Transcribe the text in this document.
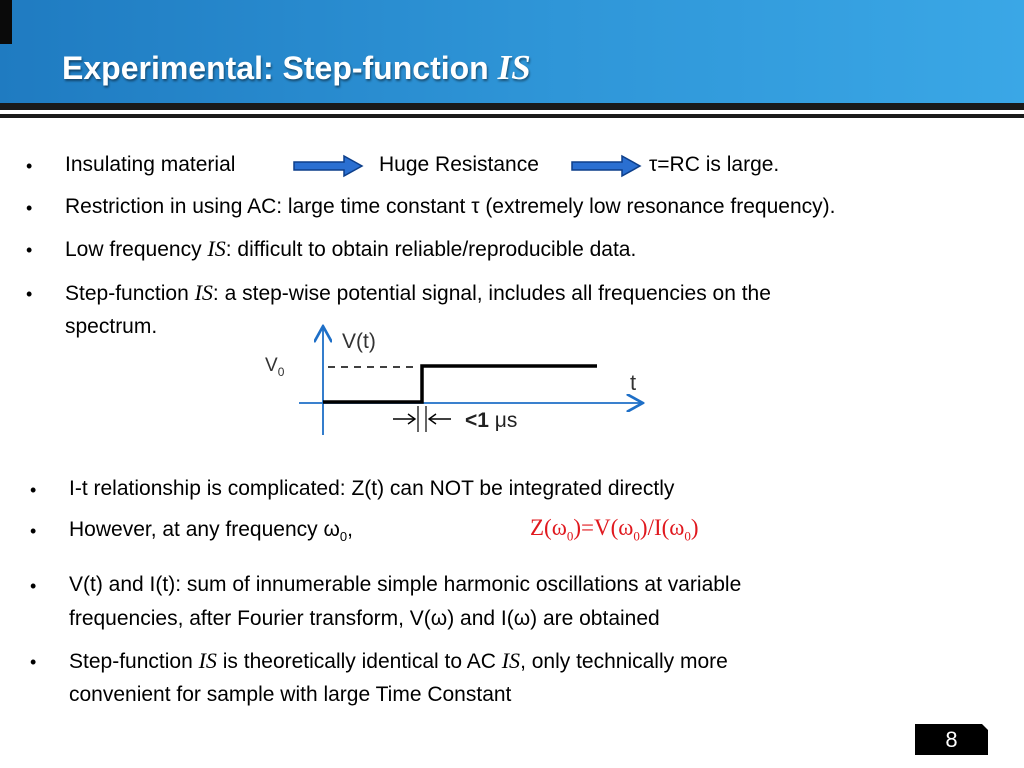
Experimental: Step-function IS
• Insulating material	Huge Resistance	τ=RC is large.
• Restriction in using AC: large time constant τ (extremely low resonance frequency).
• Low frequency IS: difficult to obtain reliable/reproducible data.
• Step-function IS: a step-wise potential signal, includes all frequencies on the
spectrum.
V(t)
$V_0$	t
<1 μs
• I-t relationship is complicated: Z(t) can NOT be integrated directly
• However, at any frequency $\omega_0$,	$Z(\omega_0)=V(\omega_0)/I(\omega_0)$
• V(t) and I(t): sum of innumerable simple harmonic oscillations at variable
frequencies, after Fourier transform, V(ω) and I(ω) are obtained
• Step-function IS is theoretically identical to AC IS, only technically more
convenient for sample with large Time Constant
8
